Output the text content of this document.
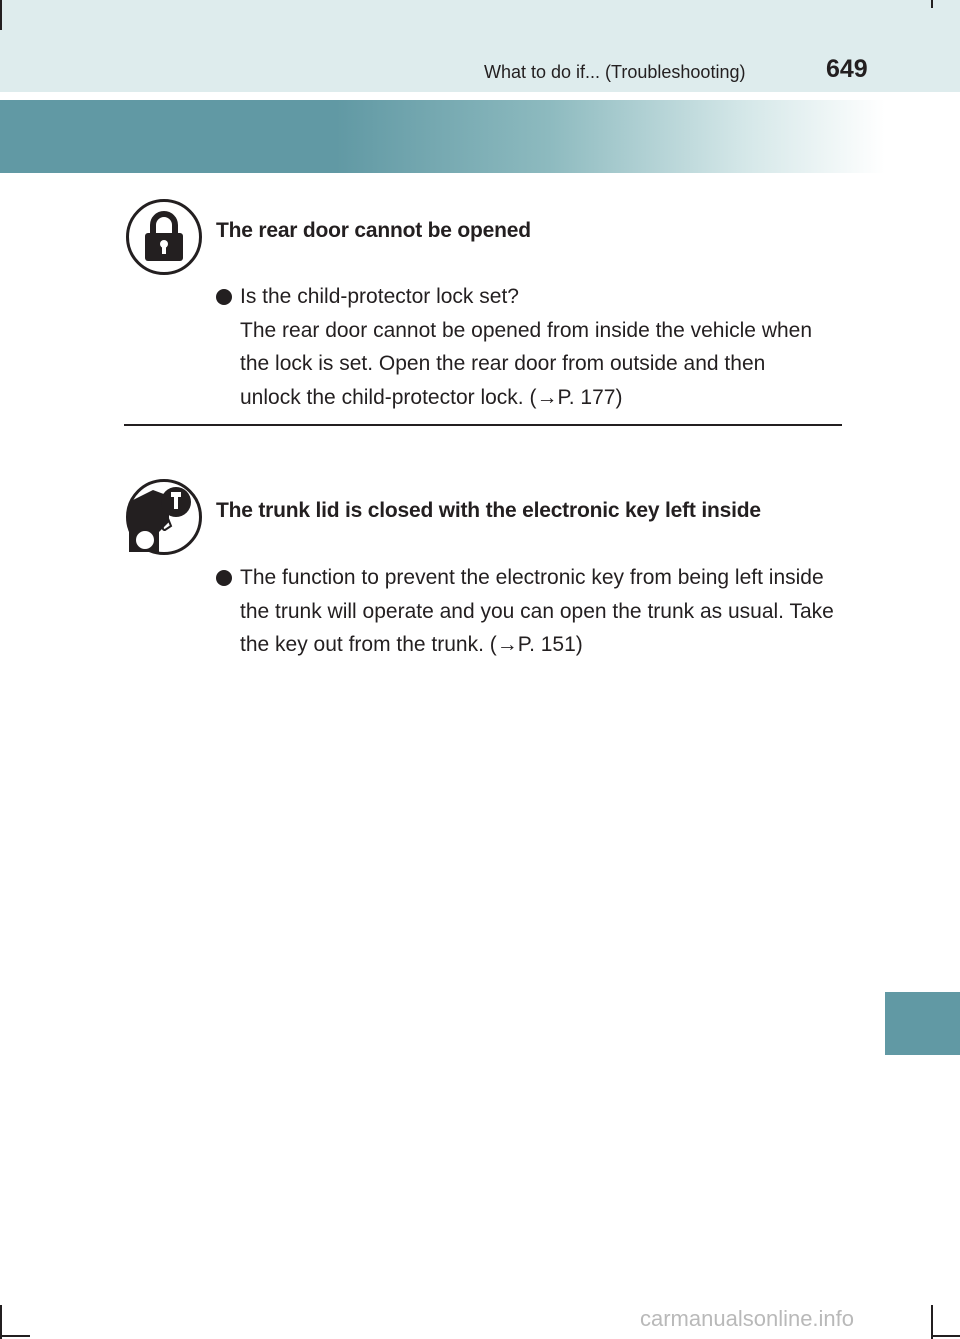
What to do if... (Troubleshooting)	649
The rear door cannot be opened
Is the child-protector lock set?
The rear door cannot be opened from inside the vehicle when
the lock is set. Open the rear door from outside and then
unlock the child-protector lock. (→P. 177)
The trunk lid is closed with the electronic key left inside
The function to prevent the electronic key from being left inside
the trunk will operate and you can open the trunk as usual. Take
the key out from the trunk. (→P. 151)
carmanualsonline.info
